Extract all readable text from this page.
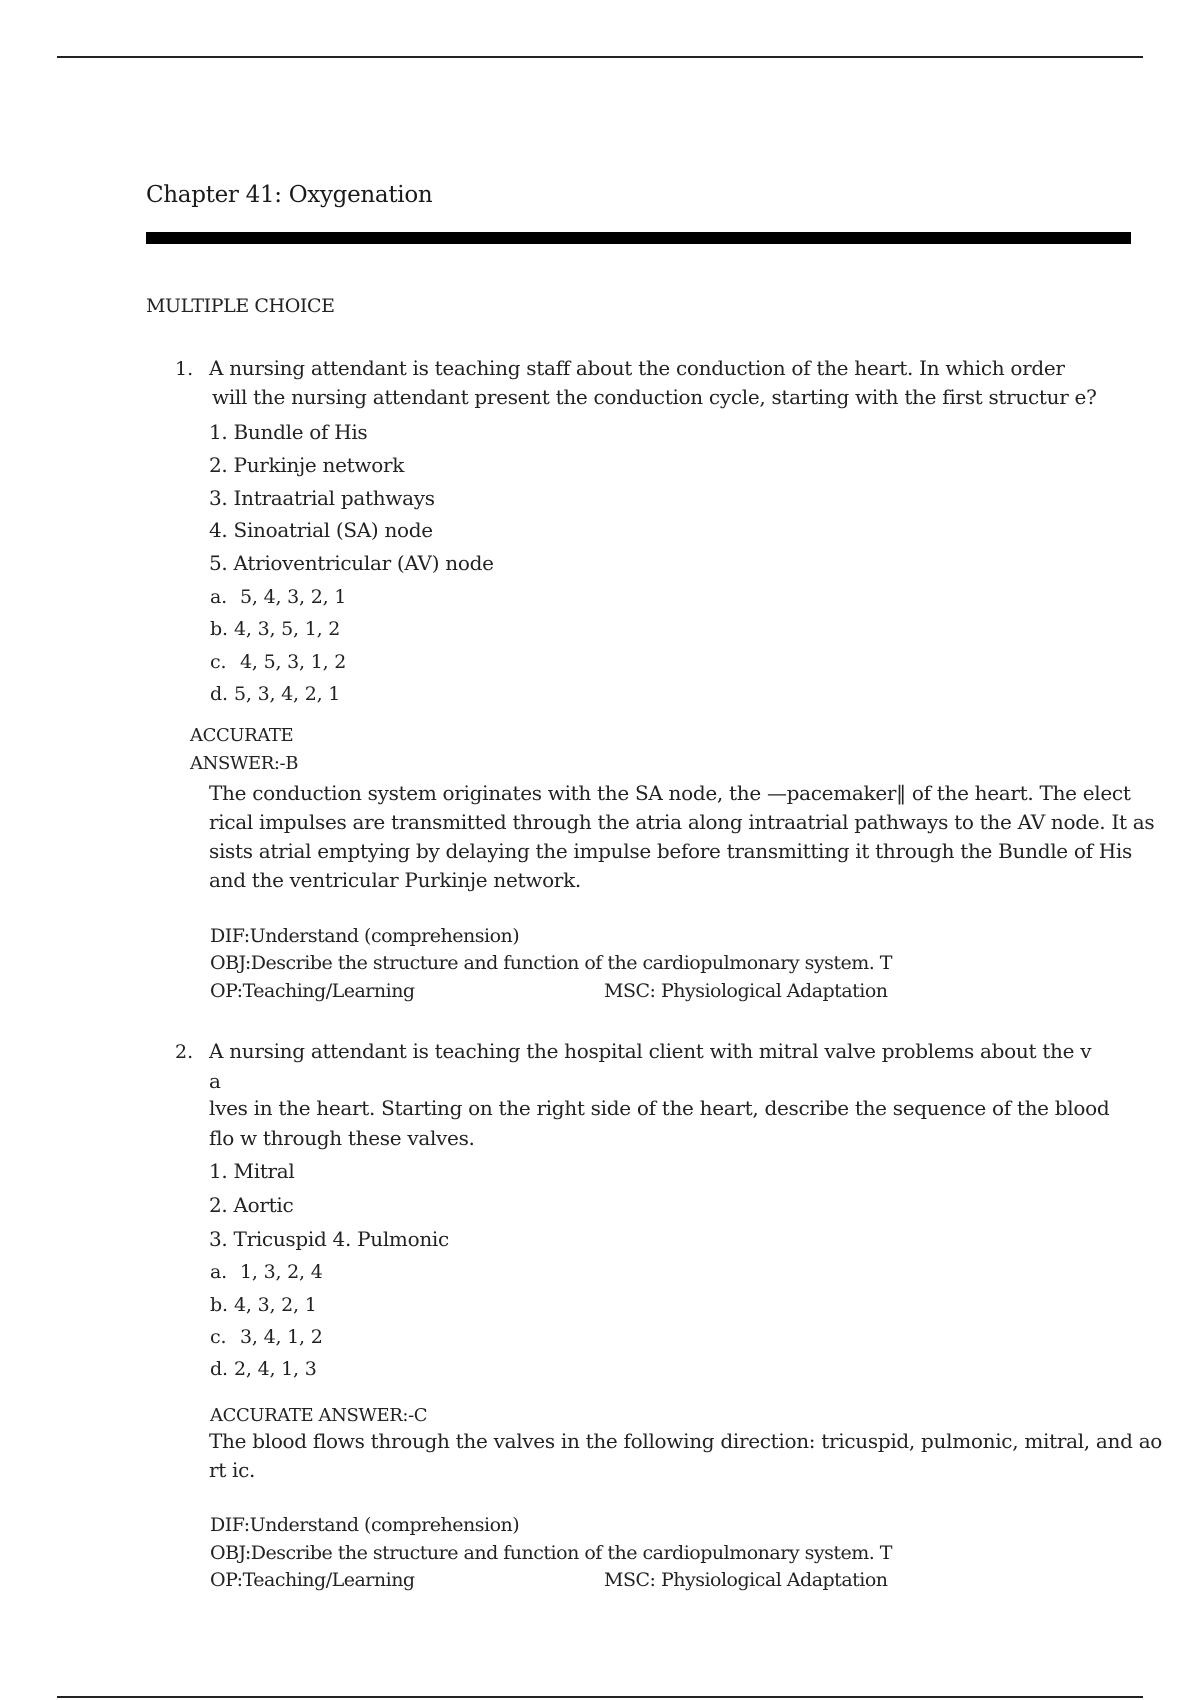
Chapter 41: Oxygenation
MULTIPLE CHOICE
1. A nursing attendant is teaching staff about the conduction of the heart. In which order
will the nursing attendant present the conduction cycle, starting with the first structur e?
1. Bundle of His
2. Purkinje network
3. Intraatrial pathways
4. Sinoatrial (SA) node
5. Atrioventricular (AV) node
a. 5, 4, 3, 2, 1
b. 4, 3, 5, 1, 2
c. 4, 5, 3, 1, 2
d. 5, 3, 4, 2, 1
ACCURATE
ANSWER:-B
The conduction system originates with the SA node, the —pacemaker‖ of the heart. The elect
rical impulses are transmitted through the atria along intraatrial pathways to the AV node. It as
sists atrial emptying by delaying the impulse before transmitting it through the Bundle of His
and the ventricular Purkinje network.
DIF:Understand (comprehension)
OBJ:Describe the structure and function of the cardiopulmonary system. T
OP:Teaching/Learning	MSC: Physiological Adaptation
2. A nursing attendant is teaching the hospital client with mitral valve problems about the v
a
lves in the heart. Starting on the right side of the heart, describe the sequence of the blood
flo w through these valves.
1. Mitral
2. Aortic
3. Tricuspid 4. Pulmonic
a. 1, 3, 2, 4
b. 4, 3, 2, 1
c. 3, 4, 1, 2
d. 2, 4, 1, 3
ACCURATE ANSWER:-C
The blood flows through the valves in the following direction: tricuspid, pulmonic, mitral, and ao
rt ic.
DIF:Understand (comprehension)
OBJ:Describe the structure and function of the cardiopulmonary system. T
OP:Teaching/Learning	MSC: Physiological Adaptation
